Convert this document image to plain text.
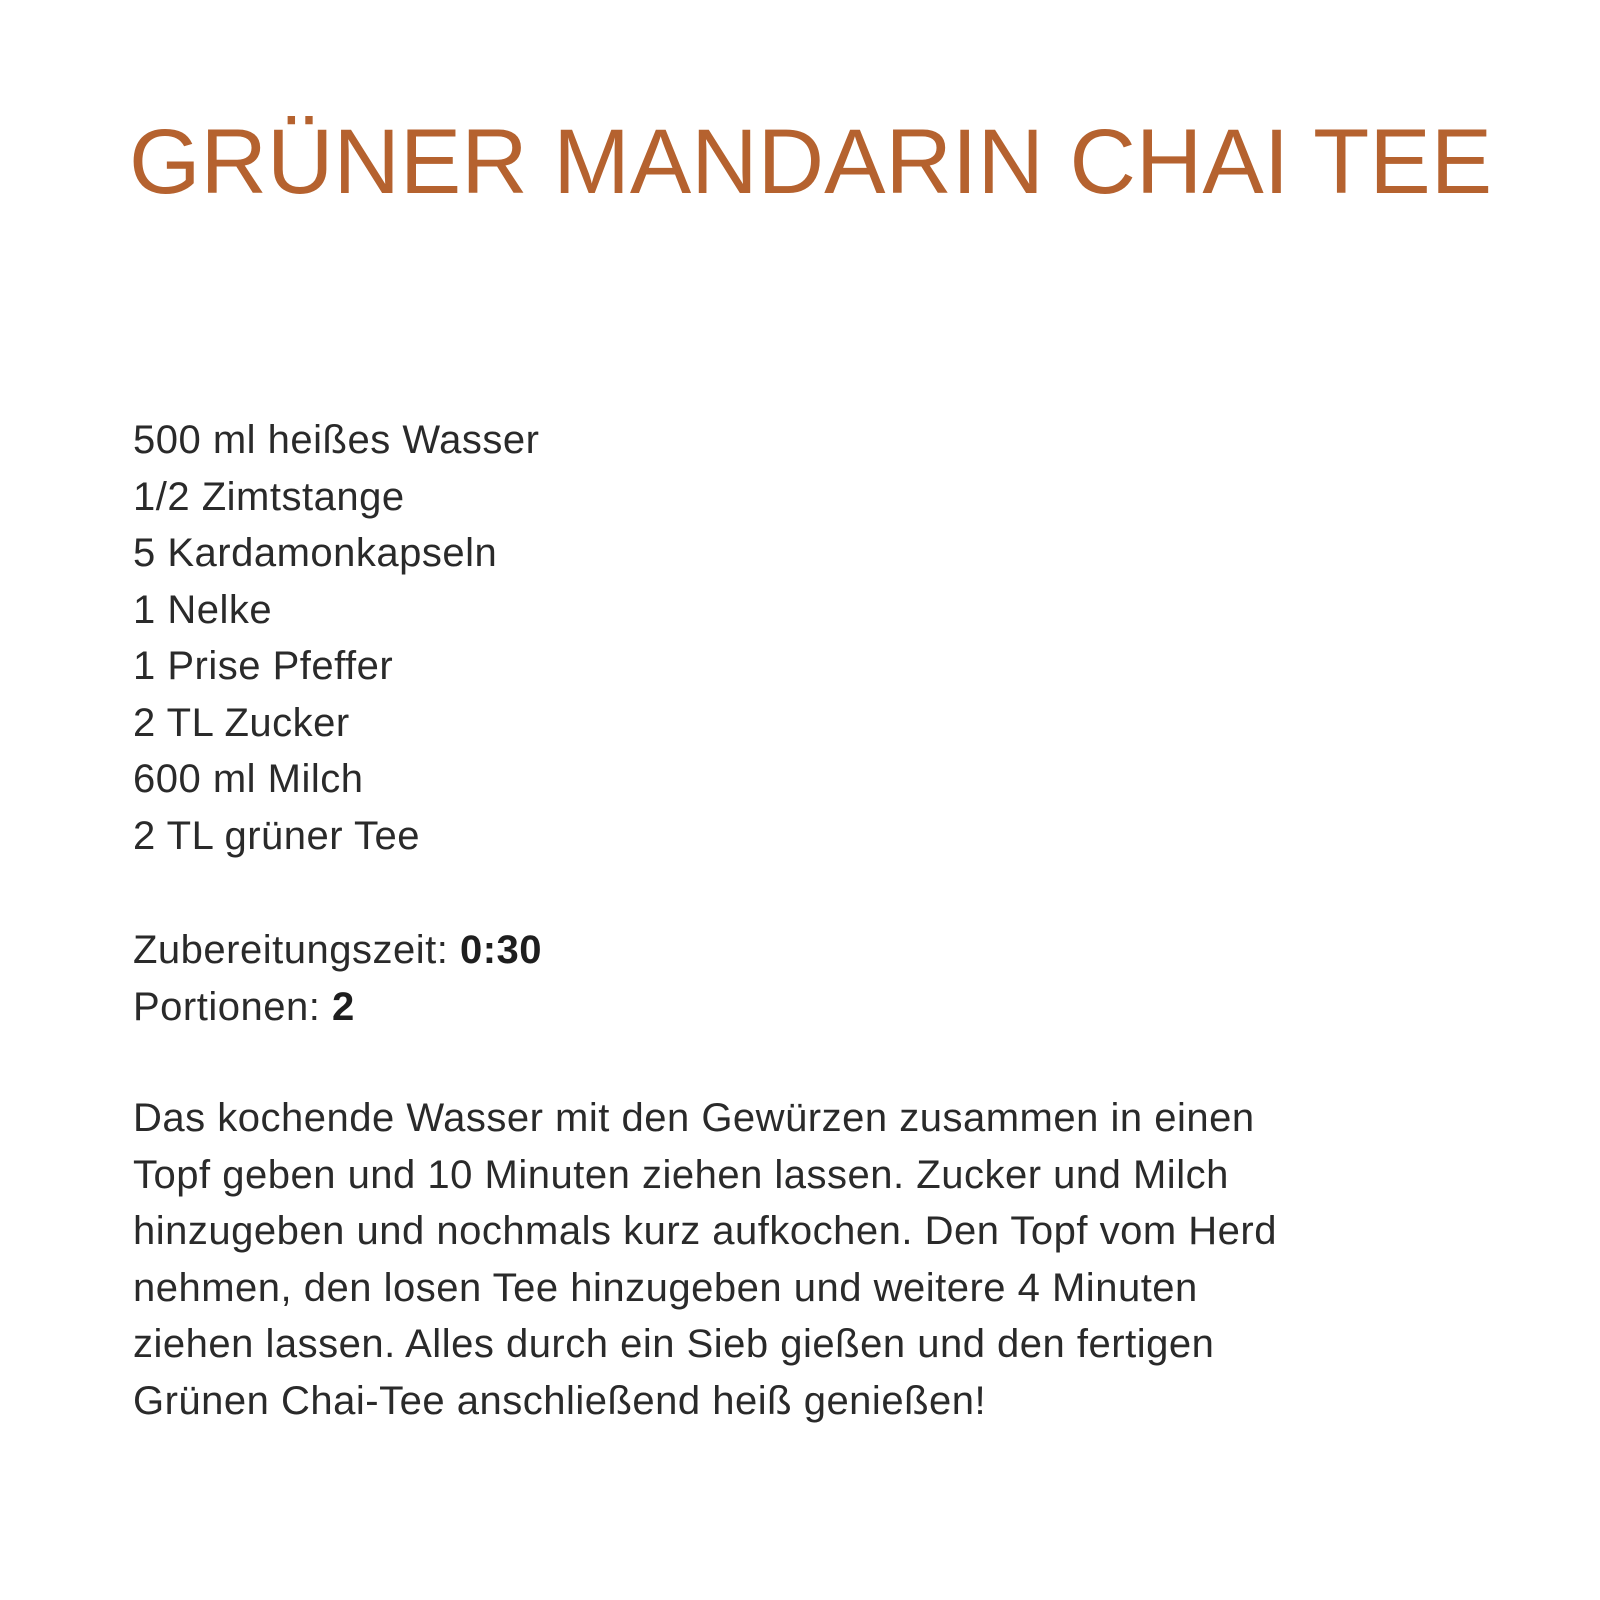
GRÜNER MANDARIN CHAI TEE
500 ml heißes Wasser
1/2 Zimtstange
5 Kardamonkapseln
1 Nelke
1 Prise Pfeffer
2 TL Zucker
600 ml Milch
2 TL grüner Tee
Zubereitungszeit: 0:30
Portionen: 2

Das kochende Wasser mit den Gewürzen zusammen in einen
Topf geben und 10 Minuten ziehen lassen. Zucker und Milch
hinzugeben und nochmals kurz aufkochen. Den Topf vom Herd
nehmen, den losen Tee hinzugeben und weitere 4 Minuten
ziehen lassen. Alles durch ein Sieb gießen und den fertigen
Grünen Chai-Tee anschließend heiß genießen!
